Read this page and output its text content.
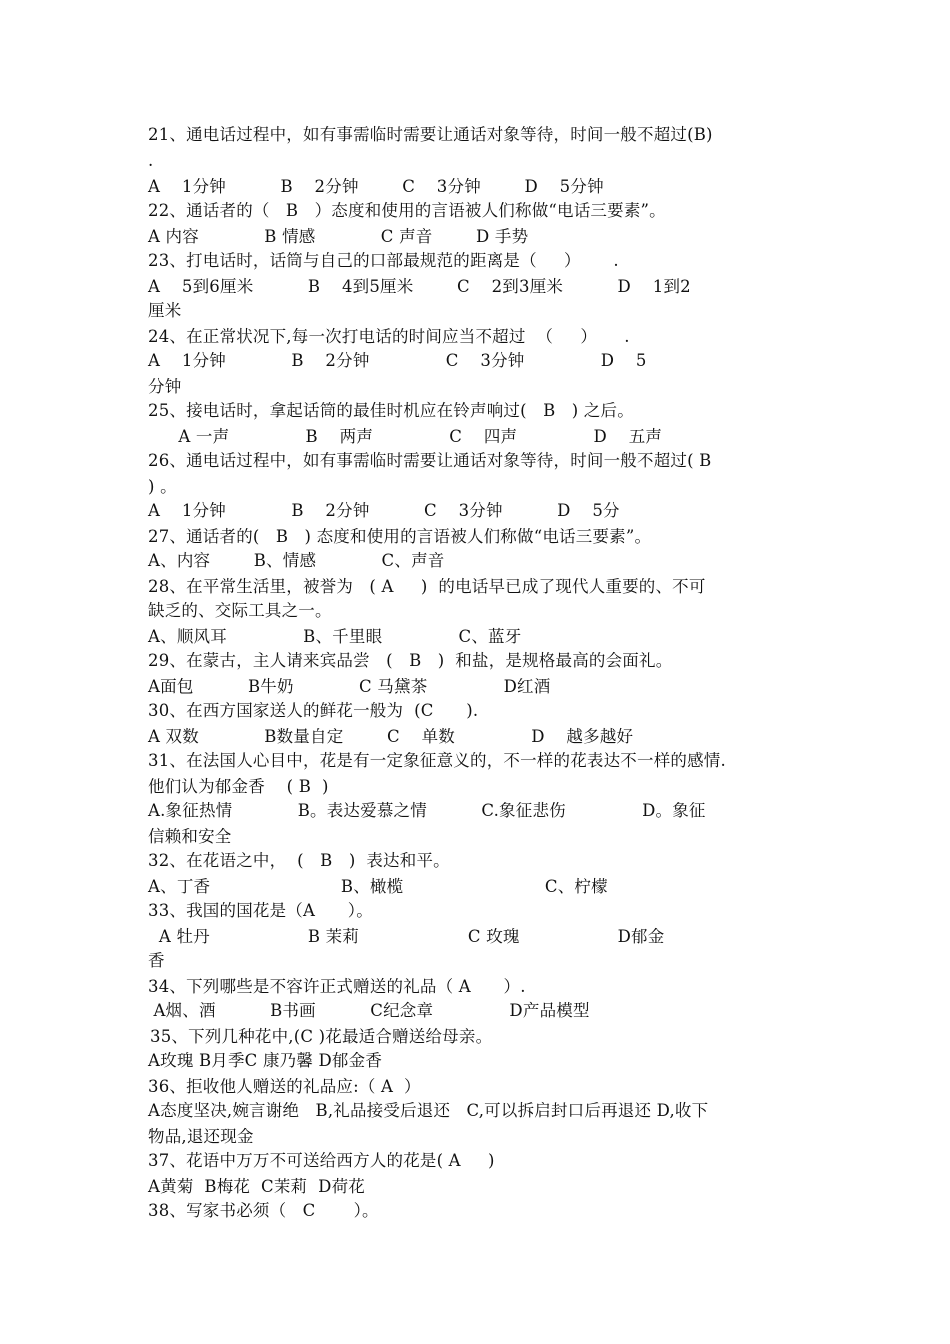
21、通电话过程中，如有事需临时需要让通话对象等待，时间一般不超过(B)
.
A    1分钟          B    2分钟        C    3分钟        D    5分钟
22、通话者的（   B   ）态度和使用的言语被人们称做“电话三要素”。
A 内容            B 情感            C 声音        D 手势
23、打电话时，话筒与自己的口部最规范的距离是（     ）      .
A    5到6厘米          B    4到5厘米        C    2到3厘米          D    1到2
厘米
24、在正常状况下,每一次打电话的时间应当不超过  （     ）     .
A    1分钟            B    2分钟              C    3分钟              D    5
分钟
25、接电话时，拿起话筒的最佳时机应在铃声响过(   B   ) 之后。
A 一声              B    两声              C    四声              D    五声
26、通电话过程中，如有事需临时需要让通话对象等待，时间一般不超过( B
) 。
A    1分钟            B    2分钟          C    3分钟          D    5分
27、通话者的(   B   ) 态度和使用的言语被人们称做“电话三要素”。
A、内容        B、情感            C、声音
28、在平常生活里，被誉为   ( A     )  的电话早已成了现代人重要的、不可
缺乏的、交际工具之一。
A、顺风耳              B、千里眼              C、蓝牙
29、在蒙古，主人请来宾品尝   (   B   )  和盐，是规格最高的会面礼。
A面包          B牛奶            C 马黛茶              D红酒
30、在西方国家送人的鲜花一般为  (C      ).
A 双数            B数量自定        C    单数              D    越多越好
31、在法国人心目中，花是有一定象征意义的，不一样的花表达不一样的感情.
他们认为郁金香    ( B  )
A.象征热情            B。表达爱慕之情          C.象征悲伤              D。象征
信赖和安全
32、在花语之中，  (   B   )  表达和平。
A、丁香                        B、橄榄                          C、柠檬
33、我国的国花是（A      ）。
A 牡丹                  B 茉莉                    C 玫瑰                  D郁金
香
34、下列哪些是不容许正式赠送的礼品（ A      ）.
A烟、酒          B书画          C纪念章              D产品模型
35、下列几种花中,(C )花最适合赠送给母亲。
A玫瑰 B月季C 康乃馨 D郁金香
36、拒收他人赠送的礼品应:（ A  ）
A态度坚决,婉言谢绝   B,礼品接受后退还   C,可以拆启封口后再退还 D,收下
物品,退还现金
37、花语中万万不可送给西方人的花是( A     )
A黄菊  B梅花  C茉莉  D荷花
38、写家书必须（   C       ）。
